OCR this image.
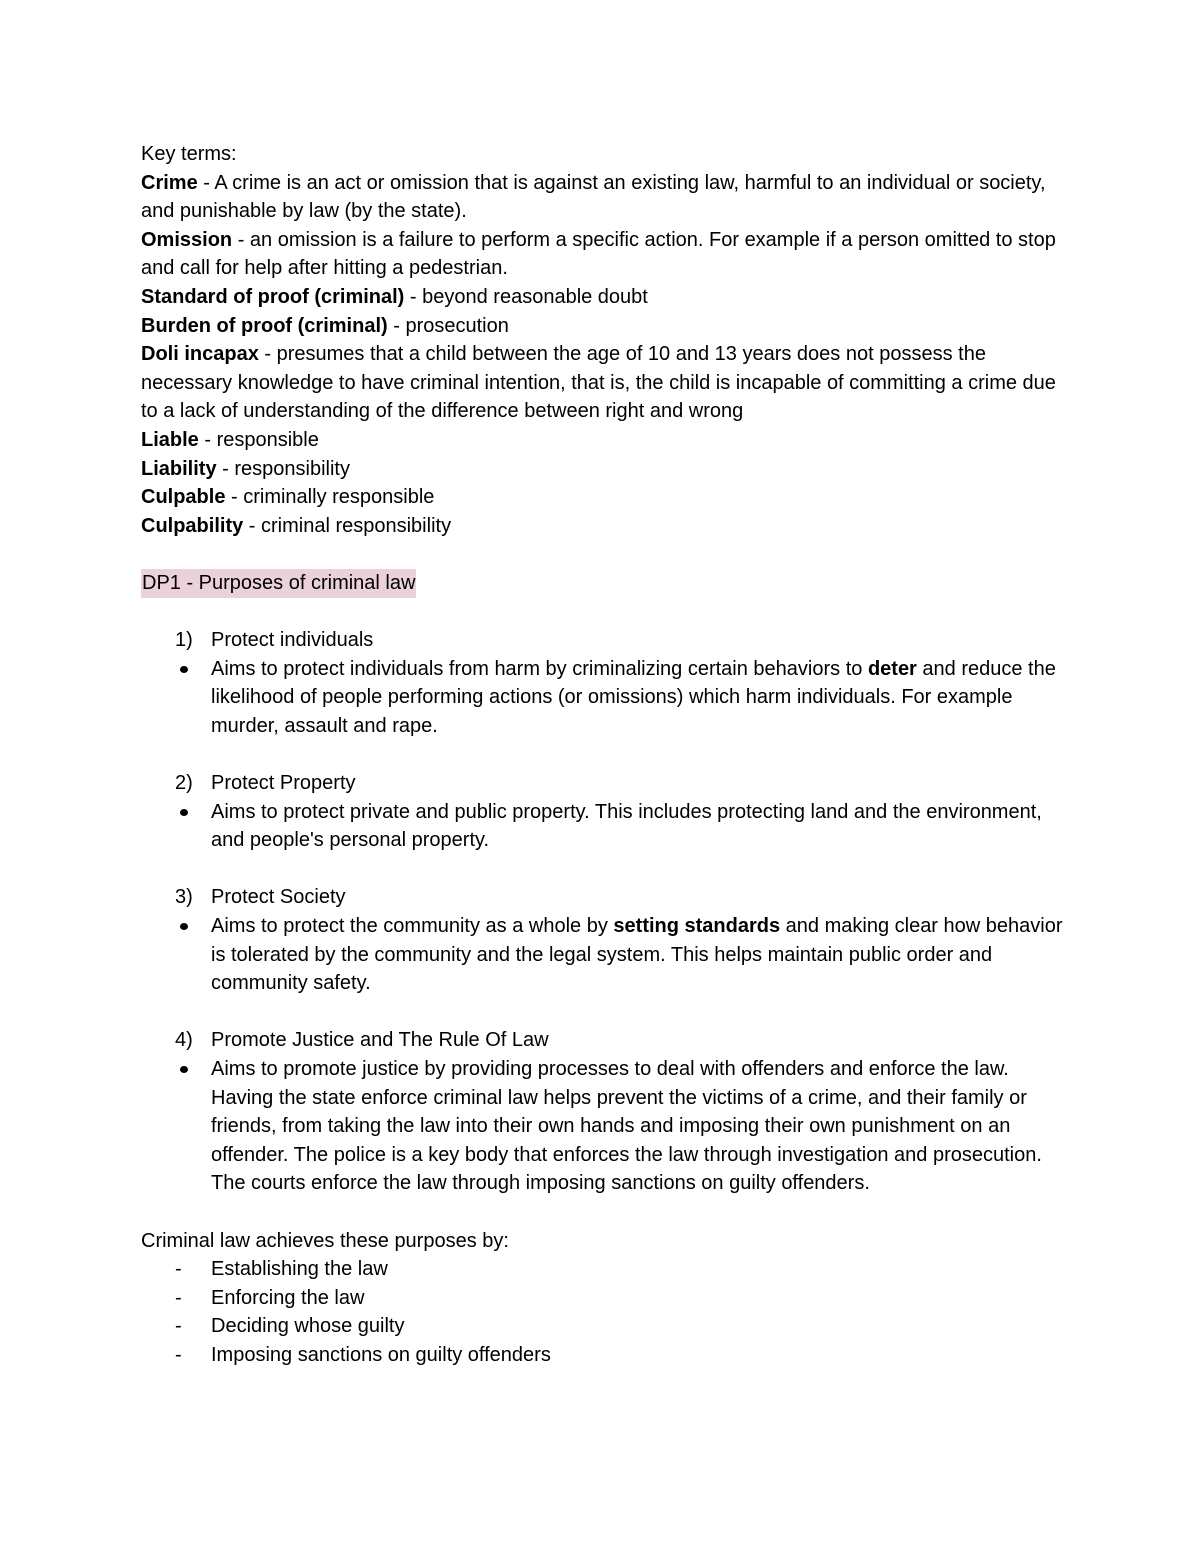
Key terms:

Crime - A crime is an act or omission that is against an existing law, harmful to an individual or society, and punishable by law (by the state).

Omission - an omission is a failure to perform a specific action. For example if a person omitted to stop and call for help after hitting a pedestrian.

Standard of proof (criminal) - beyond reasonable doubt

Burden of proof (criminal) - prosecution

Doli incapax - presumes that a child between the age of 10 and 13 years does not possess the necessary knowledge to have criminal intention, that is, the child is incapable of committing a crime due to a lack of understanding of the difference between right and wrong

Liable - responsible

Liability - responsibility

Culpable - criminally responsible

Culpability - criminal responsibility

DP1 - Purposes of criminal law

1) Protect individuals

Aims to protect individuals from harm by criminalizing certain behaviors to deter and reduce the likelihood of people performing actions (or omissions) which harm individuals. For example murder, assault and rape.

2) Protect Property

Aims to protect private and public property. This includes protecting land and the environment, and people's personal property.

3) Protect Society

Aims to protect the community as a whole by setting standards and making clear how behavior is tolerated by the community and the legal system. This helps maintain public order and community safety.

4) Promote Justice and The Rule Of Law

Aims to promote justice by providing processes to deal with offenders and enforce the law. Having the state enforce criminal law helps prevent the victims of a crime, and their family or friends, from taking the law into their own hands and imposing their own punishment on an offender. The police is a key body that enforces the law through investigation and prosecution. The courts enforce the law through imposing sanctions on guilty offenders.

Criminal law achieves these purposes by:

- Establishing the law

- Enforcing the law

- Deciding whose guilty

- Imposing sanctions on guilty offenders
